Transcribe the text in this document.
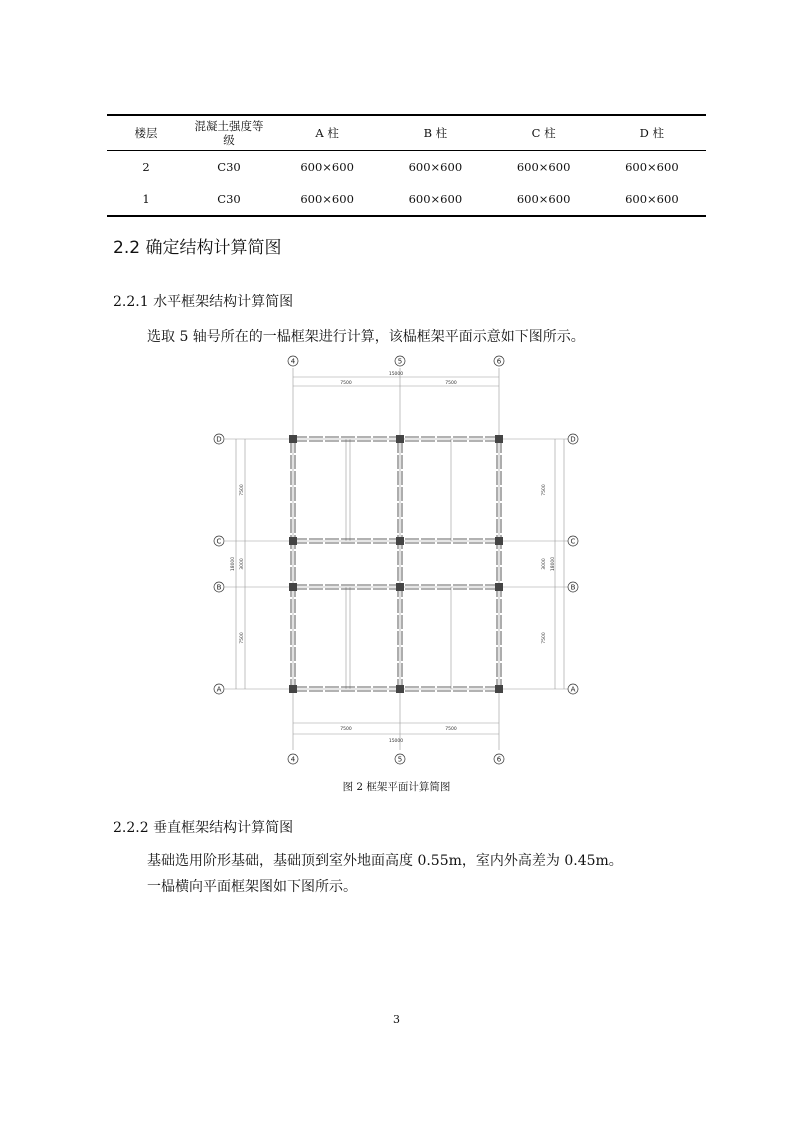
楼层	混凝土强度等级	A 柱	B 柱	C 柱	D 柱
2	C30	600×600	600×600	600×600	600×600
1	C30	600×600	600×600	600×600	600×600
2.2 确定结构计算简图
2.2.1 水平框架结构计算简图
选取 5 轴号所在的一榀框架进行计算，该榀框架平面示意如下图所示。
4	5	6
4	5	6
D
C
B
A
D
C
B
A
15000
7500	7500
7500	7500
15000
7500
3000
18000
7500
7500
3000 18000
7500
图 2 框架平面计算简图
2.2.2 垂直框架结构计算简图
基础选用阶形基础，基础顶到室外地面高度 0.55m，室内外高差为 0.45m。
一榀横向平面框架图如下图所示。
3
